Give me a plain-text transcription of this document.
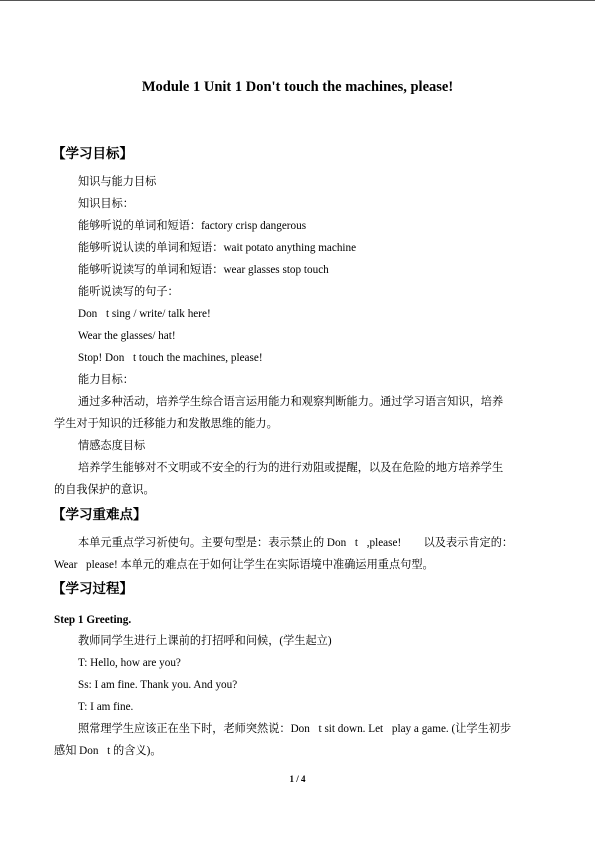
Module 1 Unit 1 Don't touch the machines, please!
【学习目标】
知识与能力目标
知识目标：
能够听说的单词和短语：factory crisp dangerous
能够听说认读的单词和短语：wait potato anything machine
能够听说读写的单词和短语：wear glasses stop touch
能听说读写的句子：
Don t sing / write/ talk here!
Wear the glasses/ hat!
Stop! Don t touch the machines, please!
能力目标：
通过多种活动，培养学生综合语言运用能力和观察判断能力。通过学习语言知识，培养
学生对于知识的迁移能力和发散思维的能力。
情感态度目标
培养学生能够对不文明或不安全的行为的进行劝阻或提醒，以及在危险的地方培养学生
的自我保护的意识。
【学习重难点】
本单元重点学习祈使句。主要句型是：表示禁止的 Don t ,please!　　以及表示肯定的：
Wear please! 本单元的难点在于如何让学生在实际语境中准确运用重点句型。
【学习过程】
Step 1 Greeting.
教师同学生进行上课前的打招呼和问候，(学生起立)
T: Hello, how are you?
Ss: I am fine. Thank you. And you?
T: I am fine.
照常理学生应该正在坐下时，老师突然说：Don t sit down. Let play a game. (让学生初步
感知 Don t 的含义)。
1 / 4
